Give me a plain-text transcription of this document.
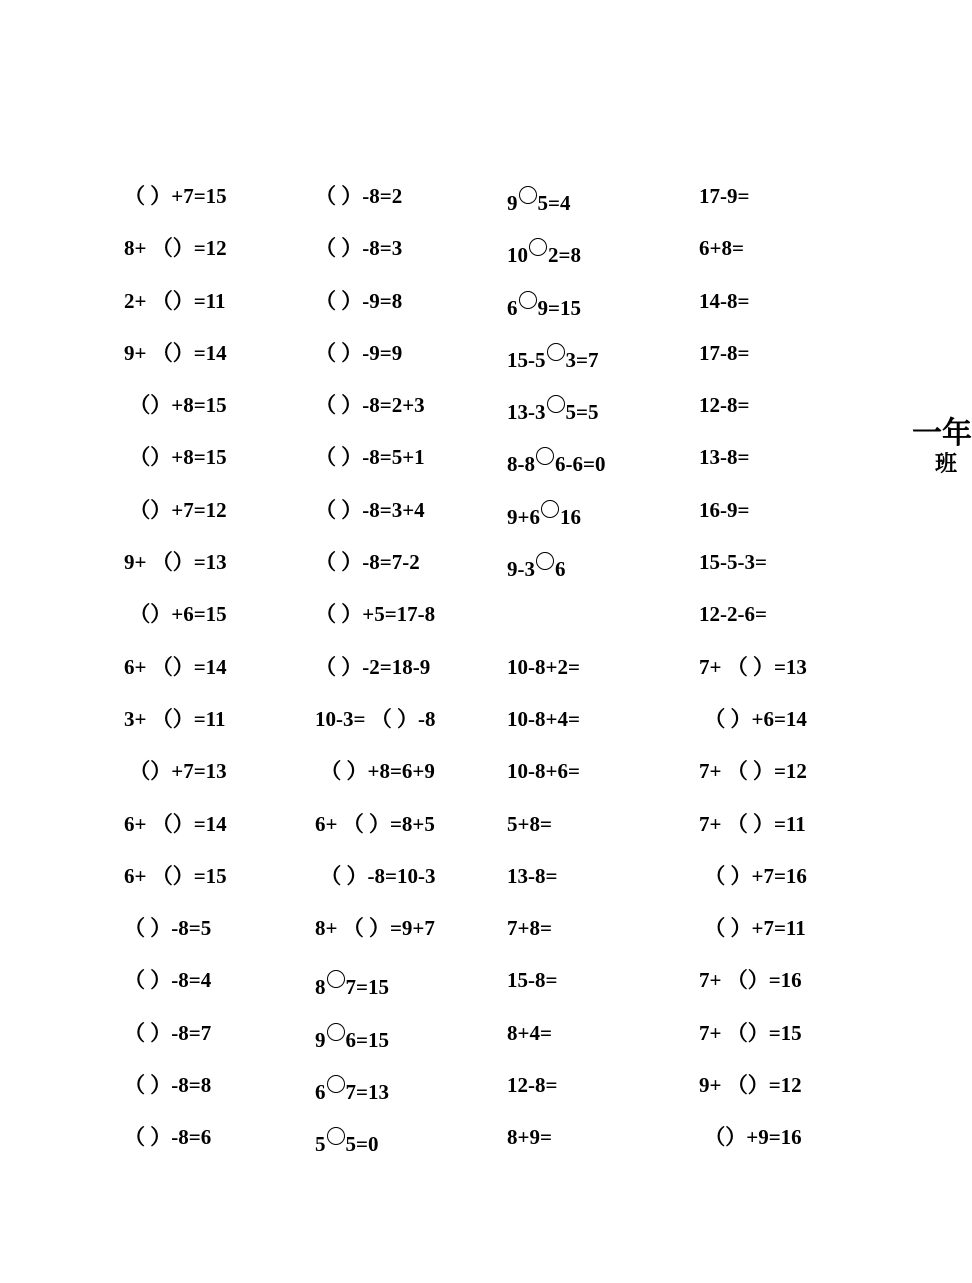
（ ）+7=15
8+ （）=12
2+ （）=11
9+ （）=14
（）+8=15
（）+8=15
（）+7=12
9+ （）=13
（）+6=15
6+ （）=14
3+ （）=11
（）+7=13
6+ （）=14
6+ （）=15
（ ）-8=5
（ ）-8=4
（ ）-8=7
（ ）-8=8
（ ）-8=6
（ ）-8=2
（ ）-8=3
（ ）-9=8
（ ）-9=9
（ ）-8=2+3
（ ）-8=5+1
（ ）-8=3+4
（ ）-8=7-2
（ ）+5=17-8
（ ）-2=18-9
10-3= （ ）-8
（ ）+8=6+9
6+ （ ）=8+5
（ ）-8=10-3
8+ （ ）=9+7
8 7=15
9 6=15
6 7=13
5 5=0
9 5=4
10 2=8
6 9=15
15-5 3=7
13-3 5=5
8-8 6-6=0
9+6 16
9-3 6
10-8+2=
10-8+4=
10-8+6=
5+8=
13-8=
7+8=
15-8=
8+4=
12-8=
8+9=
17-9=
6+8=
14-8=
17-8=
12-8=
13-8=
16-9=
15-5-3=
12-2-6=
7+ （ ）=13
（ ）+6=14
7+ （ ）=12
7+ （ ）=11
（ ）+7=16
（ ）+7=11
7+ （）=16
7+ （）=15
9+ （）=12
（）+9=16
一年
班
